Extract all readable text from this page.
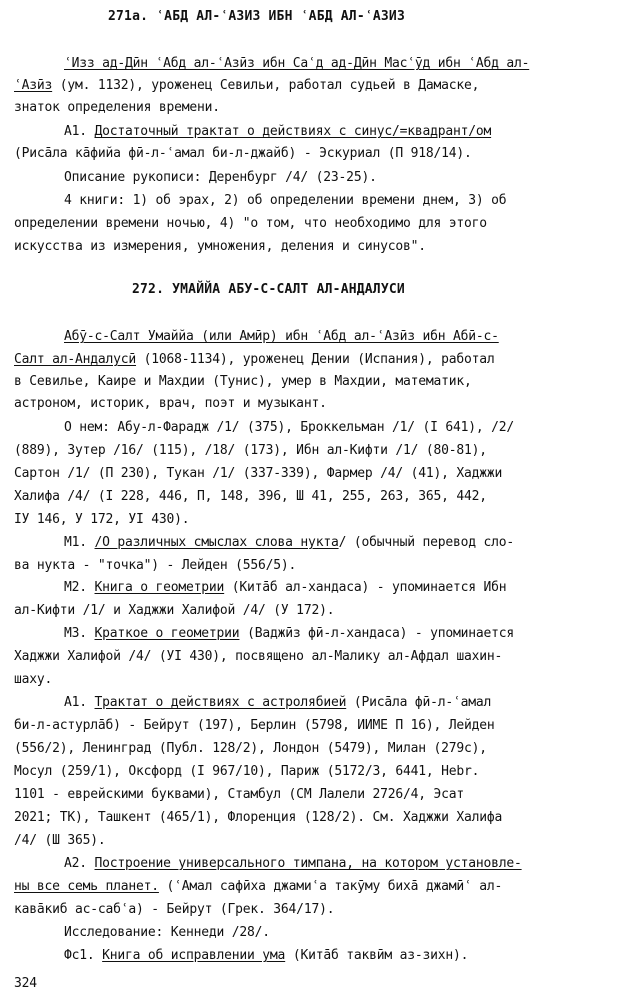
271a. ʿАБД АЛ-ʿАЗИЗ ИБН ʿАБД АЛ-ʿАЗИЗ
ʿИзз ад-Дӣн ʿАбд ал-ʿАзӣз ибн Саʿд ад-Дӣн Масʿӯд ибн ʿАбд ал-
ʿАзӣз (ум. 1132), уроженец Севильи, работал судьей в Дамаске,
знаток определения времени.
А1. Достаточный трактат о действиях с синус/=квадрант/ом
(Рисāла кāфийа фӣ-л-ʿамал би-л-джайб) - Эскуриал (П 918/14).
Описание рукописи: Деренбург /4/ (23-25).
4 книги: 1) об эрах, 2) об определении времени днем, 3) об
определении времени ночью, 4) "о том, что необходимо для этого
искусства из измерения, умножения, деления и синусов".
272. УМАЙЙА АБУ-С-САЛТ АЛ-АНДАЛУСИ
Абӯ-с-Салт Умаййа (или Амӣр) ибн ʿАбд ал-ʿАзӣз ибн Абӣ-с-
Салт ал-Андалусӣ (1068-1134), уроженец Дении (Испания), работал
в Севилье, Каире и Махдии (Тунис), умер в Махдии, математик,
астроном, историк, врач, поэт и музыкант.
О нем: Абу-л-Фарадж /1/ (375), Броккельман /1/ (I 641), /2/
(889), Зутер /16/ (115), /18/ (173), Ибн ал-Кифти /1/ (80-81),
Сартон /1/ (П 230), Тукан /1/ (337-339), Фармер /4/ (41), Хаджжи
Халифа /4/ (I 228, 446, П, 148, 396, Ш 41, 255, 263, 365, 442,
IУ 146, У 172, УI 430).
М1. /О различных смыслах слова нукта/ (обычный перевод сло-
ва нукта - "точка") - Лейден (556/5).
М2. Книга о геометрии (Китāб ал-хандаса) - упоминается Ибн
ал-Кифти /1/ и Хаджжи Халифой /4/ (У 172).
М3. Краткое о геометрии (Ваджӣз фӣ-л-хандаса) - упоминается
Хаджжи Халифой /4/ (УI 430), посвящено ал-Малику ал-Афдал шахин-
шаху.
А1. Трактат о действиях с астролябией (Рисāла фӣ-л-ʿамал
би-л-астурлāб) - Бейрут (197), Берлин (5798, ИИМЕ П 16), Лейден
(556/2), Ленинград (Публ. 128/2), Лондон (5479), Милан (279с),
Мосул (259/1), Оксфорд (I 967/10), Париж (5172/3, 6441, Hebr.
1101 - еврейскими буквами), Стамбул (СМ Лалели 2726/4, Эсат
2021; ТК), Ташкент (465/1), Флоренция (128/2). См. Хаджжи Халифа
/4/ (Ш 365).
А2. Построение универсального тимпана, на котором установле-
ны все семь планет. (ʿАмал сафӣха джамиʿа такӯму бихā джамӣʿ ал-
кавāкиб ас-сабʿа) - Бейрут (Грек. 364/17).
Исследование: Кеннеди /28/.
Фс1. Книга об исправлении ума (Китāб таквӣм аз-зихн).
324
